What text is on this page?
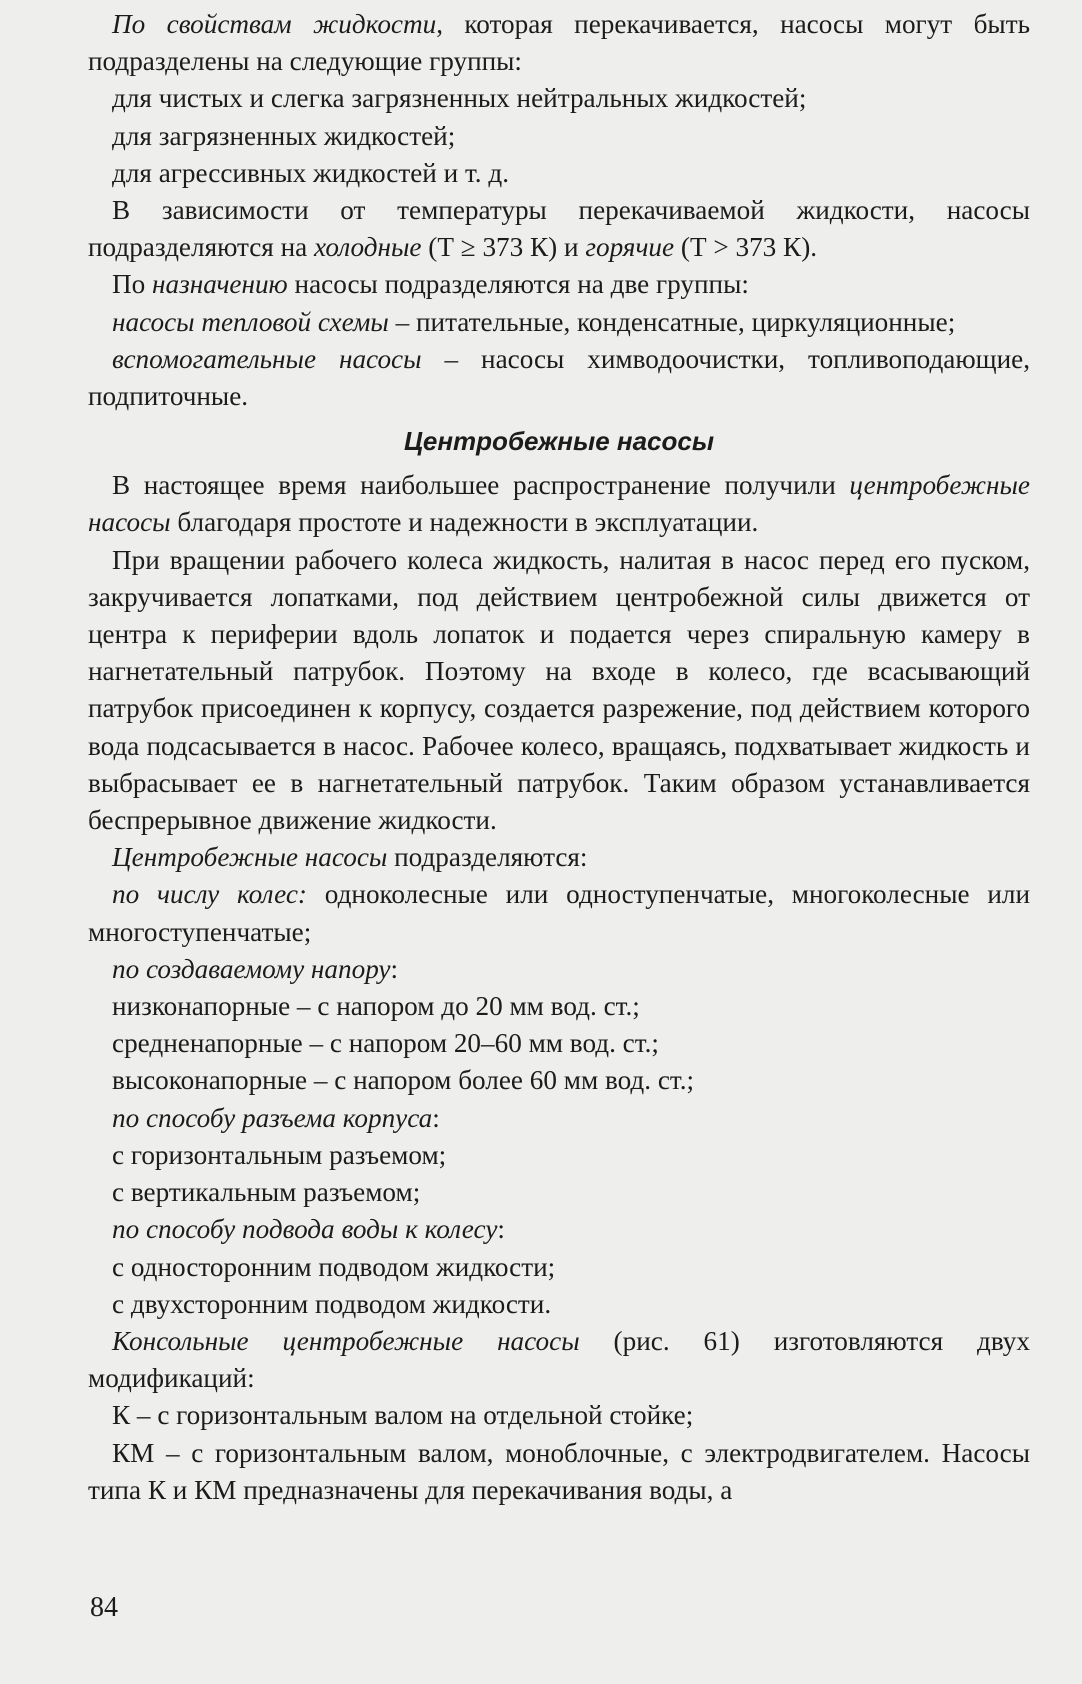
По свойствам жидкости, которая перекачивается, насосы могут быть подразделены на следующие группы:

для чистых и слегка загрязненных нейтральных жидкостей;

для загрязненных жидкостей;

для агрессивных жидкостей и т. д.

В зависимости от температуры перекачиваемой жидкости, насосы подразделяются на холодные (Т ≥ 373 К) и горячие (Т > 373 К).

По назначению насосы подразделяются на две группы:

насосы тепловой схемы – питательные, конденсатные, циркуляционные;

вспомогательные насосы – насосы химводоочистки, топливоподающие, подпиточные.

Центробежные насосы

В настоящее время наибольшее распространение получили центробежные насосы благодаря простоте и надежности в эксплуатации.

При вращении рабочего колеса жидкость, налитая в насос перед его пуском, закручивается лопатками, под действием центробежной силы движется от центра к периферии вдоль лопаток и подается через спиральную камеру в нагнетательный патрубок. Поэтому на входе в колесо, где всасывающий патрубок присоединен к корпусу, создается разрежение, под действием которого вода подсасывается в насос. Рабочее колесо, вращаясь, подхватывает жидкость и выбрасывает ее в нагнетательный патрубок. Таким образом устанавливается беспрерывное движение жидкости.

Центробежные насосы подразделяются:

по числу колес: одноколесные или одноступенчатые, многоколесные или многоступенчатые;

по создаваемому напору:

низконапорные – с напором до 20 мм вод. ст.;

средненапорные – с напором 20–60 мм вод. ст.;

высоконапорные – с напором более 60 мм вод. ст.;

по способу разъема корпуса:

с горизонтальным разъемом;

с вертикальным разъемом;

по способу подвода воды к колесу:

с односторонним подводом жидкости;

с двухсторонним подводом жидкости.

Консольные центробежные насосы (рис. 61) изготовляются двух модификаций:

К – с горизонтальным валом на отдельной стойке;

КМ – с горизонтальным валом, моноблочные, с электродвигателем. Насосы типа К и КМ предназначены для перекачивания воды, а

84
